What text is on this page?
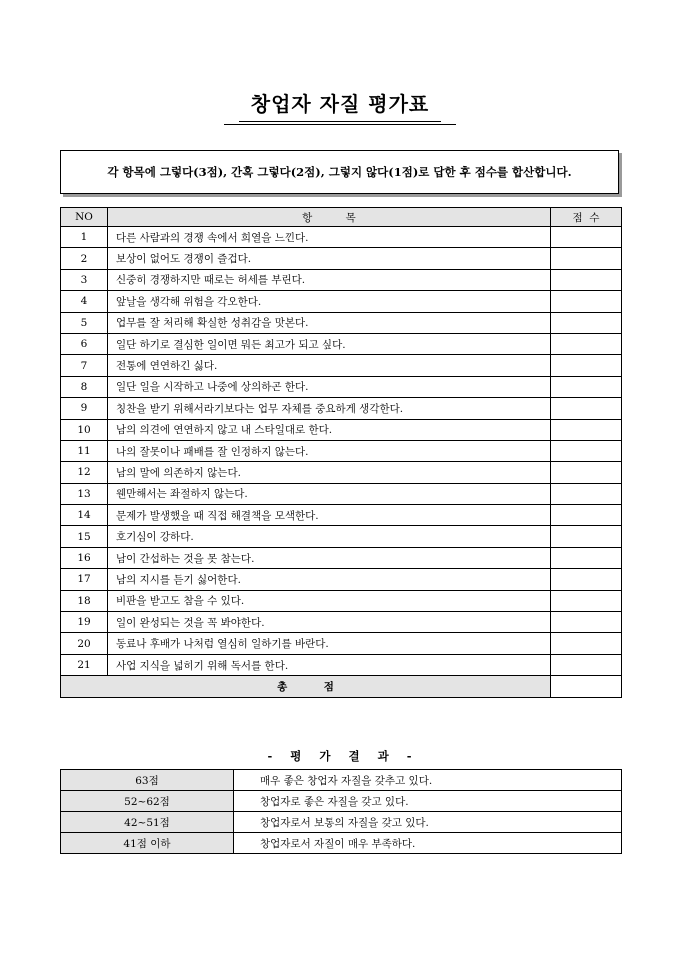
창업자 자질 평가표
각 항목에 그렇다(3점), 간혹 그렇다(2점), 그렇지 않다(1점)로 답한 후 점수를 합산합니다.
NO	항          목	점  수
1	다른 사람과의 경쟁 속에서 희열을 느낀다.	
2	보상이 없어도 경쟁이 즐겁다.	
3	신중히 경쟁하지만 때로는 허세를 부린다.	
4	앞날을 생각해 위험을 각오한다.	
5	업무를 잘 처리해 확실한 성취감을 맛본다.	
6	일단 하기로 결심한 일이면 뭐든 최고가 되고 싶다.	
7	전통에 연연하긴 싫다.	
8	일단 일을 시작하고 나중에 상의하곤 한다.	
9	칭찬을 받기 위해서라기보다는 업무 자체를 중요하게 생각한다.	
10	남의 의견에 연연하지 않고 내 스타일대로 한다.	
11	나의 잘못이나 패배를 잘 인정하지 않는다.	
12	남의 말에 의존하지 않는다.	
13	웬만해서는 좌절하지 않는다.	
14	문제가 발생했을 때 직접 해결책을 모색한다.	
15	호기심이 강하다.	
16	남이 간섭하는 것을 못 참는다.	
17	남의 지시를 듣기 싫어한다.	
18	비판을 받고도 참을 수 있다.	
19	일이 완성되는 것을 꼭 봐야한다.	
20	동료나 후배가 나처럼 열심히 일하기를 바란다.	
21	사업 지식을 넓히기 위해 독서를 한다.	
총          점		
- 평 가 결 과 -
63점	매우 좋은 창업자 자질을 갖추고 있다.
52~62점	창업자로 좋은 자질을 갖고 있다.
42~51점	창업자로서 보통의 자질을 갖고 있다.
41점 이하	창업자로서 자질이 매우 부족하다.
